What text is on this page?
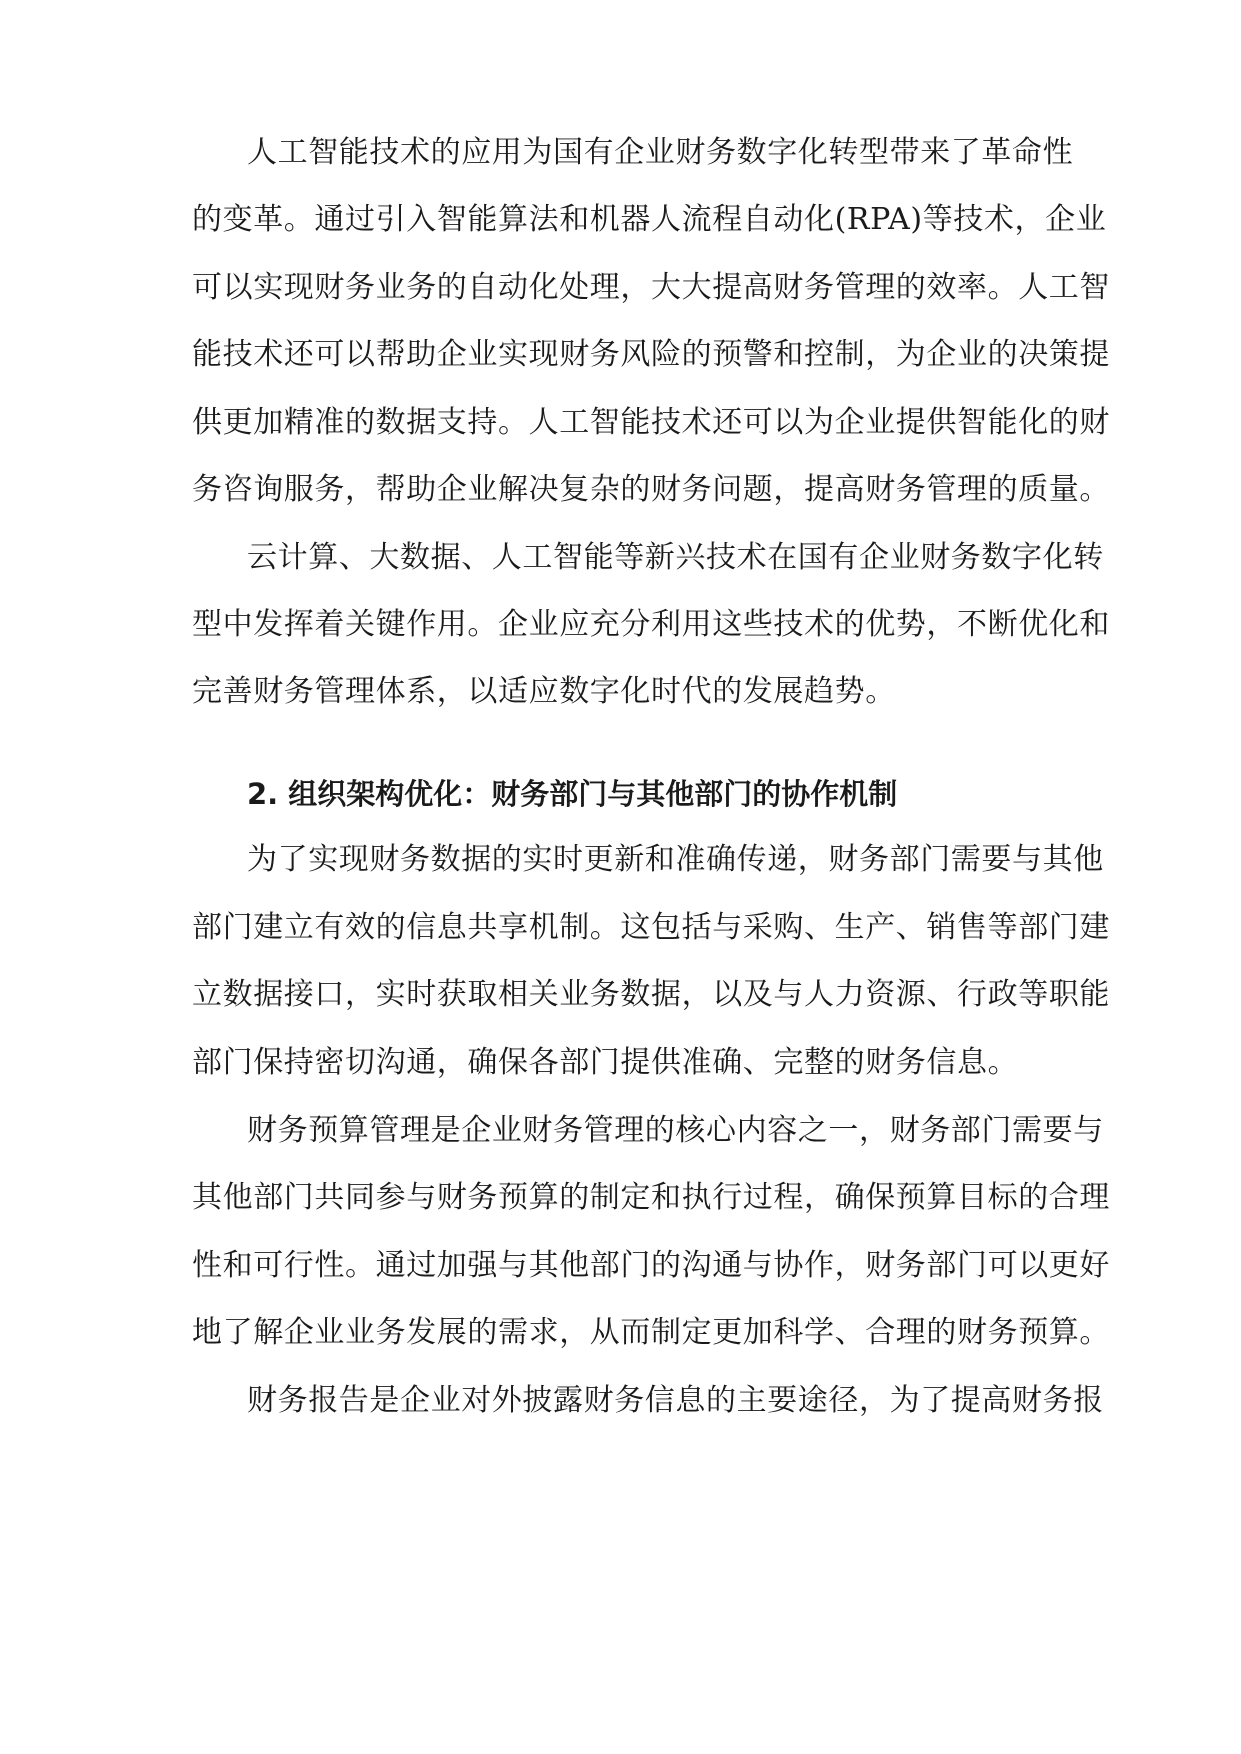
人工智能技术的应用为国有企业财务数字化转型带来了革命性
的变革。通过引入智能算法和机器人流程自动化(RPA)等技术，企业
可以实现财务业务的自动化处理，大大提高财务管理的效率。人工智
能技术还可以帮助企业实现财务风险的预警和控制，为企业的决策提
供更加精准的数据支持。人工智能技术还可以为企业提供智能化的财
务咨询服务，帮助企业解决复杂的财务问题，提高财务管理的质量。
云计算、大数据、人工智能等新兴技术在国有企业财务数字化转
型中发挥着关键作用。企业应充分利用这些技术的优势，不断优化和
完善财务管理体系，以适应数字化时代的发展趋势。
2. 组织架构优化：财务部门与其他部门的协作机制
为了实现财务数据的实时更新和准确传递，财务部门需要与其他
部门建立有效的信息共享机制。这包括与采购、生产、销售等部门建
立数据接口，实时获取相关业务数据，以及与人力资源、行政等职能
部门保持密切沟通，确保各部门提供准确、完整的财务信息。
财务预算管理是企业财务管理的核心内容之一，财务部门需要与
其他部门共同参与财务预算的制定和执行过程，确保预算目标的合理
性和可行性。通过加强与其他部门的沟通与协作，财务部门可以更好
地了解企业业务发展的需求，从而制定更加科学、合理的财务预算。
财务报告是企业对外披露财务信息的主要途径，为了提高财务报
